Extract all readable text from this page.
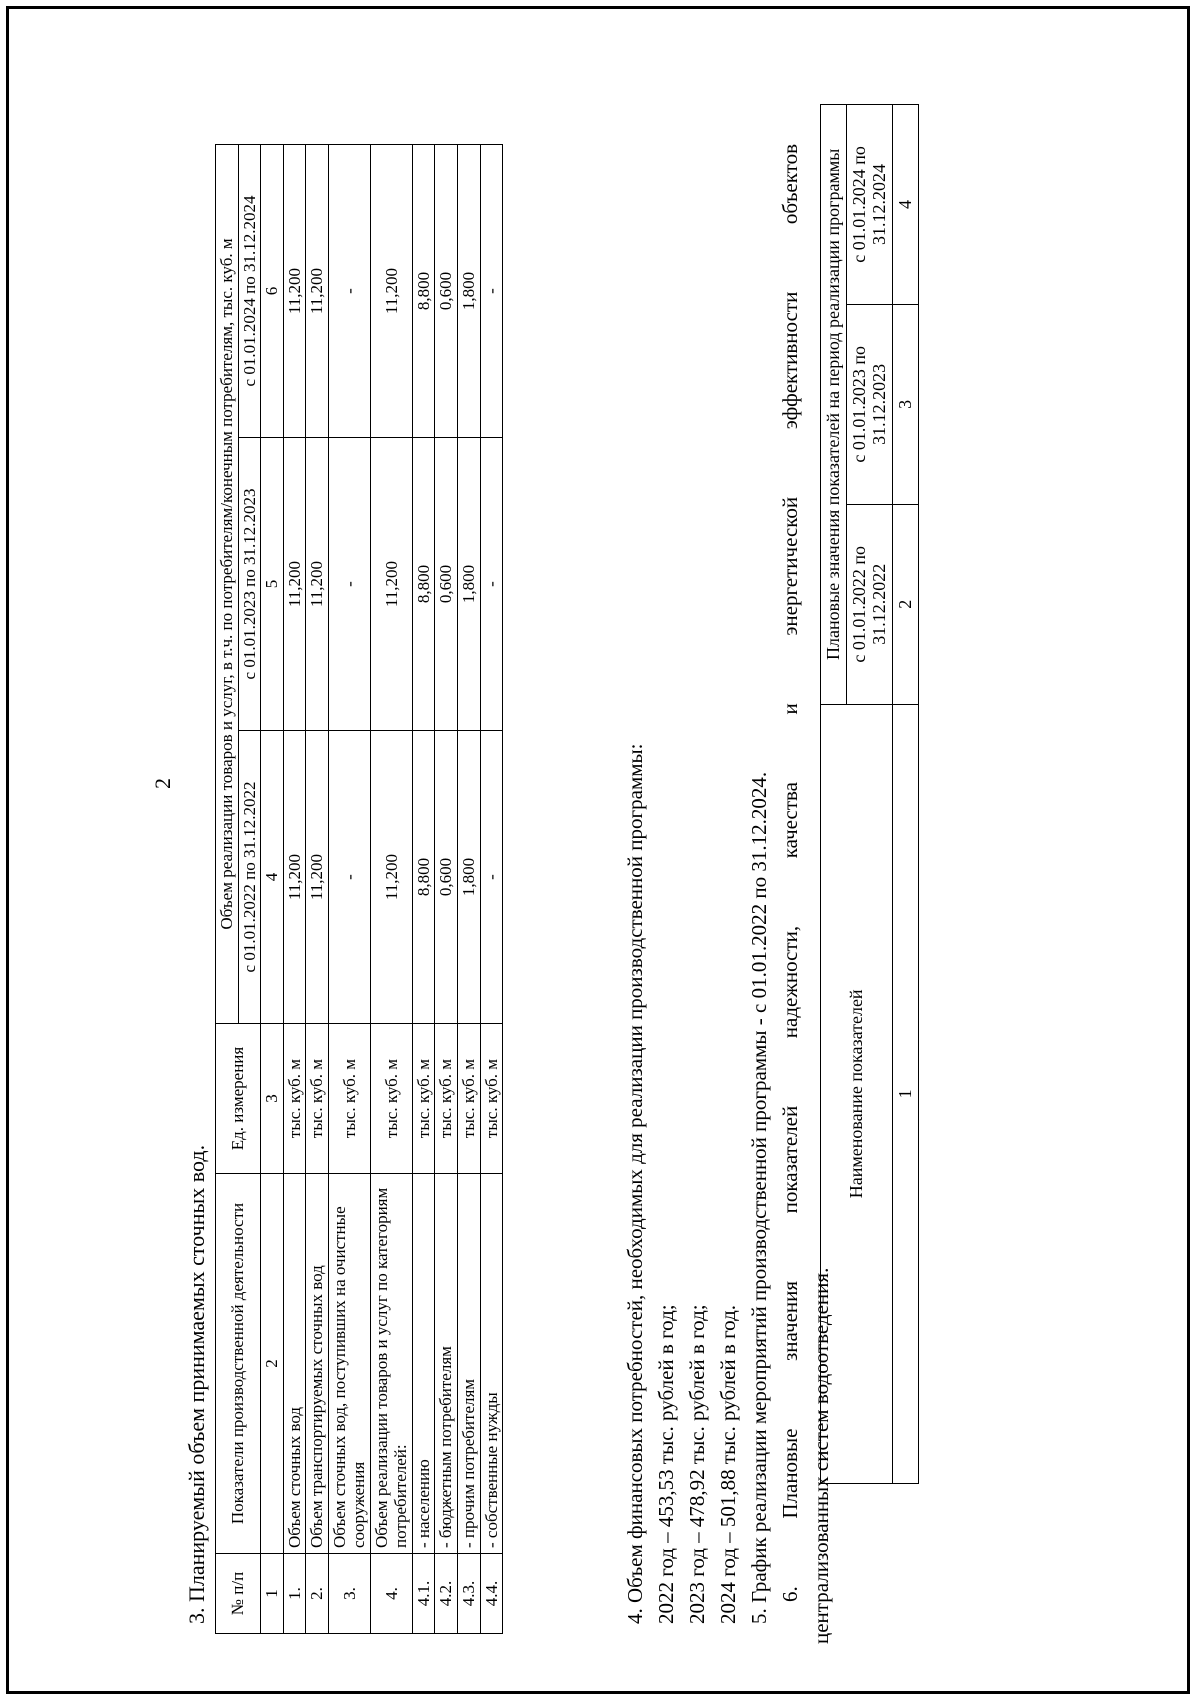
2
3. Планируемый объем принимаемых сточных вод. № п/п	Показатели производственной деятельности	Ед. измерения	Объем реализации товаров и услуг, в т.ч. по потребителям/конечным потребителям, тыс. куб. м		
			с 01.01.2022 по 31.12.2022	с 01.01.2023 по 31.12.2023	с 01.01.2024 по 31.12.2024
1	2	3	4	5	6
1.	Объем сточных вод	тыс. куб. м	11,200	11,200	11,200
2.	Объем транспортируемых сточных вод	тыс. куб. м	11,200	11,200	11,200
3.	Объем сточных вод, поступивших на очистные сооружения	тыс. куб. м	-	-	-
4.	Объем реализации товаров и услуг по категориям потребителей:	тыс. куб. м	11,200	11,200	11,200
4.1.	- населению	тыс. куб. м	8,800	8,800	8,800
4.2.	- бюджетным потребителям	тыс. куб. м	0,600	0,600	0,600
4.3.	- прочим потребителям	тыс. куб. м	1,800	1,800	1,800
4.4.	- собственные нужды	тыс. куб. м	-	-	-
4. Объем финансовых потребностей, необходимых для реализации производственной программы: 2022 год – 453,53 тыс. рублей в год; 2023 год – 478,92 тыс. рублей в год; 2024 год – 501,88 тыс. рублей в год. 5. График реализации мероприятий производственной программы - с 01.01.2022 по 31.12.2024. 6. Плановые значения показателей надежности, качества и энергетической эффективности объектов централизованных систем водоотведения.
Наименование показателей	Плановые значения показателей на период реализации программы		
	с 01.01.2022 по 31.12.2022	с 01.01.2023 по 31.12.2023	с 01.01.2024 по 31.12.2024
1	2	3	4
